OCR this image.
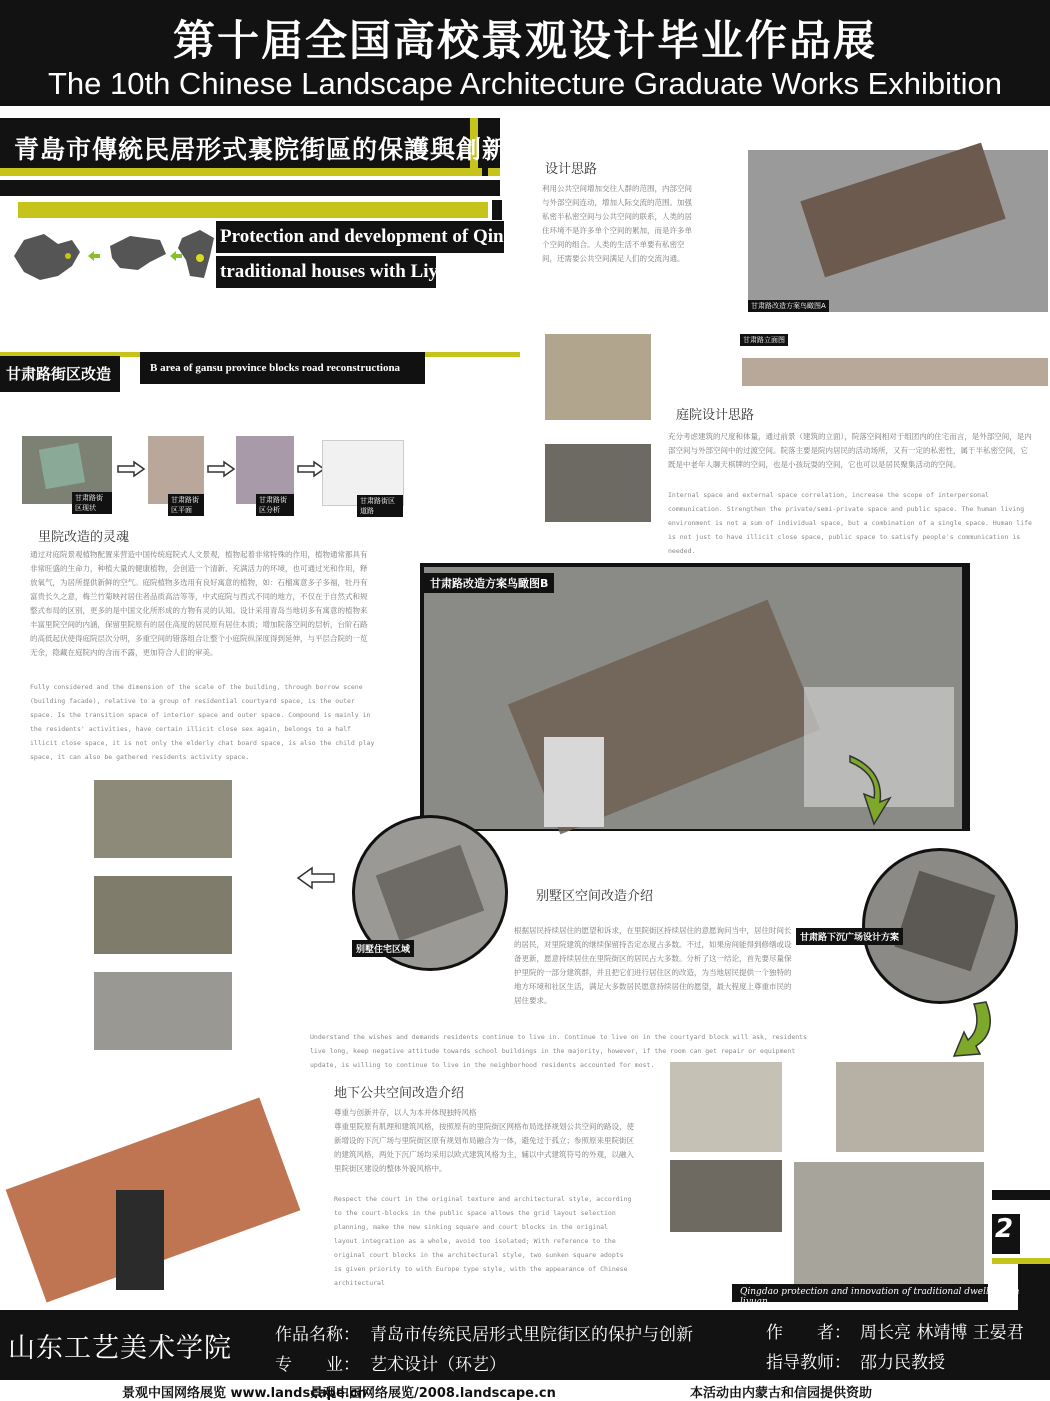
第十届全国高校景观设计毕业作品展
The 10th Chinese Landscape Architecture Graduate Works Exhibition
青島市傳統民居形式裏院街區的保護與創新
Protection and development of Qingdao
traditional houses with Liyuan
甘肃路街区改造	B area of gansu province blocks road reconstructiona
甘肃路街区现状
甘肃路街区平面
甘肃路街区分析
甘肃路街区道路
里院改造的灵魂
通过对庭院景观植物配置来营造中国传统庭院式人文景观，植物起着非常特殊的作用，植物通常都具有非常旺盛的生命力，种植大量的健康植物，会创造一个清新、充满活力的环境，也可通过光和作用，释放氧气，为居所提供新鲜的空气。庭院植物多选用有良好寓意的植物，如：石榴寓意多子多福，牡丹有富贵长久之意，梅兰竹菊映衬居住者品质高洁等等，中式庭院与西式不同的地方，不仅在于自然式和规整式布局的区别，更多的是中国文化所形成的方物有灵的认知。设计采用青岛当地切多有寓意的植物来丰富里院空间的内涵，保留里院原有的居住高度的居民原有居住本质；增加院落空间的层析，台阶石路的高低起伏使得庭院层次分明，多重空间的错落组合让整个小庭院纵深度得到延伸，与平层合院的一览无余，隐藏在庭院内的含而不露，更加符合人们的审美。
Fully considered and the dimension of the scale of the building, through borrow scene (building facade), relative to a group of residential courtyard space, is the outer space. Is the transition space of interior space and outer space. Compound is mainly in the residents' activities, have certain illicit close sex again, belongs to a half illicit close space, it is not only the elderly chat board space, is also the child play space, it can also be gathered residents activity space.
设计思路
利用公共空间增加交往人群的范围，内部空间与外部空间连动，增加人际交流的范围。加强私密半私密空间与公共空间的联系，人类的居住环境不是许多单个空间的累加，而是许多单个空间的组合。人类的生活不单要有私密空间，还需要公共空间满足人们的交流沟通。
甘肃路改造方案鸟瞰图A
甘肃路立面图
庭院设计思路
充分考虑建筑的尺度和体量，通过前景（建筑的立面），院落空间相对于组团内的住宅而言，是外部空间，是内部空间与外部空间中的过渡空间。院落主要是院内居民的活动场所，又有一定的私密性，属于半私密空间，它既是中老年人聊天棋牌的空间，也是小孩玩耍的空间，它也可以是居民聚集活动的空间。
Internal space and external space correlation, increase the scope of interpersonal communication. Strengthen the private/semi-private space and public space. The human living environment is not a sum of individual space, but a combination of a single space. Human life is not just to have illicit close space, public space to satisfy people's communication is needed.
甘肃路改造方案鸟瞰图B
别墅住宅区域
别墅区空间改造介绍
根据居民持续居住的愿望和诉求，在里院街区持续居住的意愿询问当中，居住时间长的居民，对里院建筑的继续保留持否定态度占多数。不过，如果房间能得到修缮或设备更新，愿意持续居住在里院街区的居民占大多数。分析了这一结论，首先要尽量保护里院的一部分建筑群，并且把它们进行居住区的改造，为当地居民提供一个独特的地方环境和社区生活，满足大多数居民愿意持续居住的愿望，最大程度上尊重市民的居住要求。
Understand the wishes and demands residents continue to live in. Continue to live on in the courtyard block will ask, residents live long, keep negative attitude towards school buildings in the majority, however, if the room can get repair or equipment update, is willing to continue to live in the neighborhood residents accounted for most.
甘肃路下沉广场设计方案
地下公共空间改造介绍
尊重与创新并存，以人为本并体现独特风格
尊重里院原有肌理和建筑风格，按照原有的里院街区网格布局选择规划公共空间的路设，使新增设的下沉广场与里院街区原有规划布局融合为一体，避免过于孤立；参照原来里院街区的建筑风格，两处下沉广场均采用以欧式建筑风格为主，辅以中式建筑符号的外观，以融入里院街区建设的整体外貌风格中。
Respect the court in the original texture and architectural style, according to the court-blocks in the public space allows the grid layout selection planning, make the new sinking square and court blocks in the original layout integration as a whole, avoid too isolated; With reference to the original court blocks in the architectural style, two sunken square adopts is given priority to with Europe type style, with the appearance of Chinese architectural
2
Qingdao protection and innovation of traditional dwellings in liyuan
山东工艺美术学院	作品名称： 青岛市传统民居形式里院街区的保护与创新
专　　业： 艺术设计（环艺）
作　　者： 周长亮 林靖博 王晏君
指导教师： 邵力民教授
景观中国网络展览 www.landscape.cn
景观中国网络展览/2008.landscape.cn	本活动由内蒙古和信园提供资助
